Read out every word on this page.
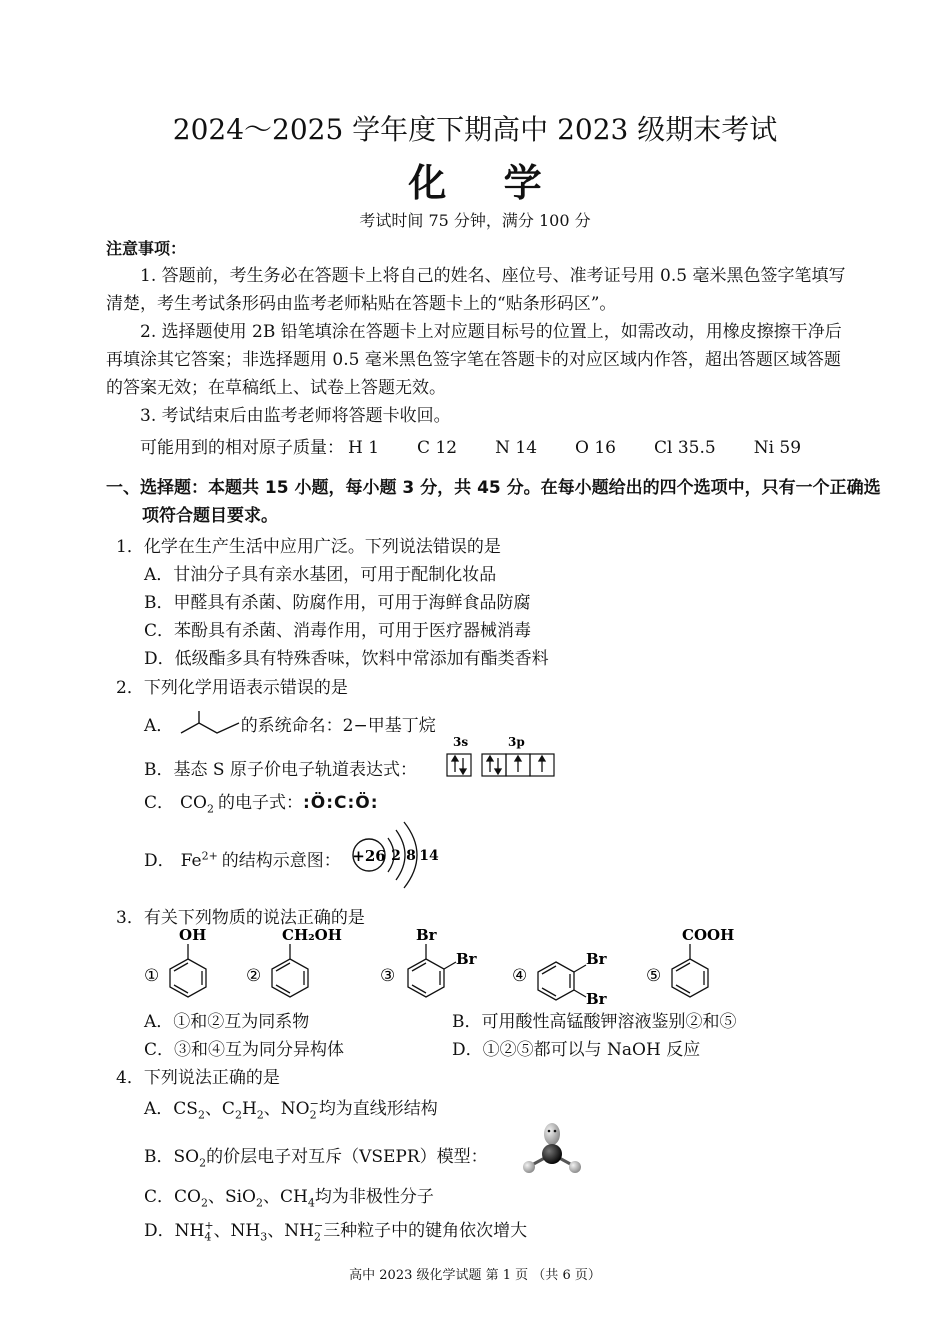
2024～2025 学年度下期高中 2023 级期末考试
化 学
考试时间 75 分钟，满分 100 分
注意事项：
1. 答题前，考生务必在答题卡上将自己的姓名、座位号、准考证号用 0.5 毫米黑色签字笔填写清楚，考生考试条形码由监考老师粘贴在答题卡上的“贴条形码区”。
2. 选择题使用 2B 铅笔填涂在答题卡上对应题目标号的位置上，如需改动，用橡皮擦擦干净后再填涂其它答案；非选择题用 0.5 毫米黑色签字笔在答题卡的对应区域内作答，超出答题区域答题的答案无效；在草稿纸上、试卷上答题无效。
3. 考试结束后由监考老师将答题卡收回。
可能用到的相对原子质量： H 1 C 12 N 14 O 16 Cl 35.5 Ni 59
一、选择题：本题共 15 小题，每小题 3 分，共 45 分。在每小题给出的四个选项中，只有一个正确选项符合题目要求。
1．化学在生产生活中应用广泛。下列说法错误的是
A．甘油分子具有亲水基团，可用于配制化妆品
B．甲醛具有杀菌、防腐作用，可用于海鲜食品防腐
C．苯酚具有杀菌、消毒作用，可用于医疗器械消毒
D．低级酯多具有特殊香味，饮料中常添加有酯类香料
2．下列化学用语表示错误的是
A．	的系统命名：2−甲基丁烷
B．基态 S 原子价电子轨道表达式：
3s	3p
C． $CO_2$ 的电子式：:Ö:C:Ö:
D． $Fe^{2+}$ 的结构示意图： +26 2 8 14
3．有关下列物质的说法正确的是
①	②	③	④	⑤
OH	CH₂OH	Br
Br	Br
Br
COOH
A．①和②互为同系物	B．可用酸性高锰酸钾溶液鉴别②和⑤
C．③和④互为同分异构体	D．①②⑤都可以与 NaOH 反应
4．下列说法正确的是
A．$CS_2$、$C_2H_2$、$NO_2^-$均为直线形结构
B．$SO_2$的价层电子对互斥（VSEPR）模型：
C．$CO_2$、SiO$_2$、$CH_4$均为非极性分子
D．$NH_4^+$、$NH_3$、$NH_2^-$三种粒子中的键角依次增大
高中 2023 级化学试题 第 1 页 （共 6 页）
